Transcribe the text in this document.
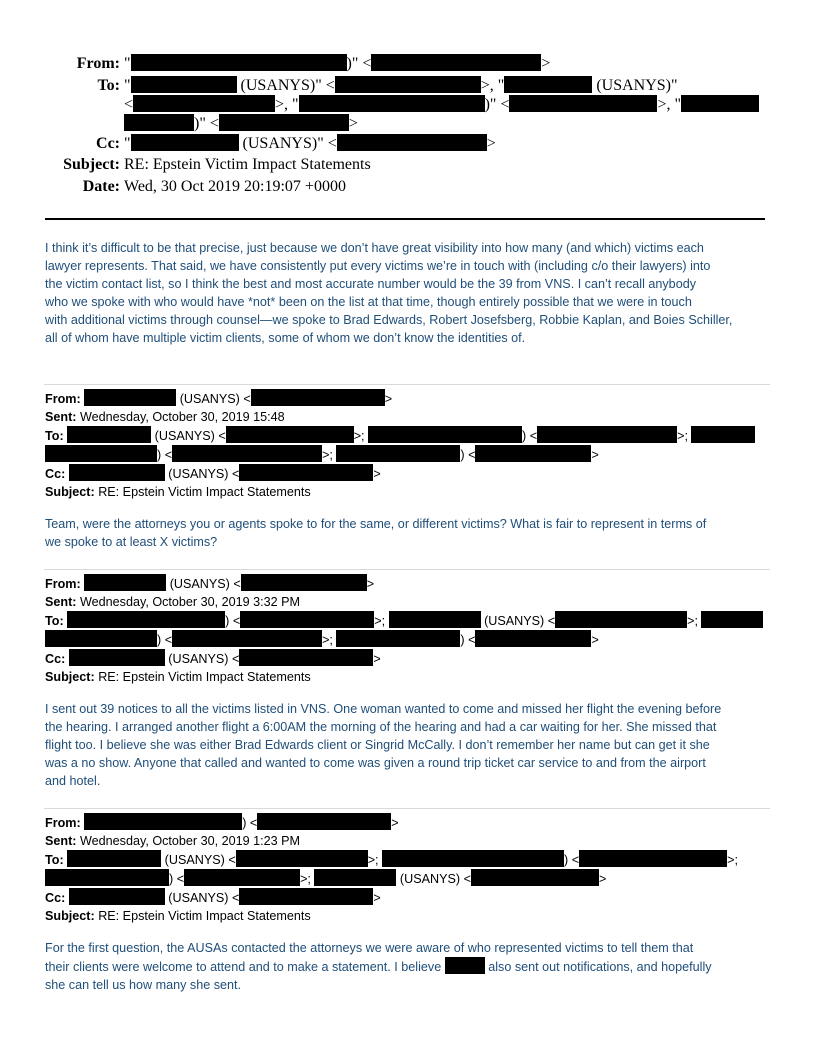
From: "	)" <	>
To: "	(USANYS)" <	>, "	(USANYS)"
<	>, "	)" <	>, "
)" <	>
Cc: "	(USANYS)" <	>
Subject: RE: Epstein Victim Impact Statements
Date: Wed, 30 Oct 2019 20:19:07 +0000
I think it’s difficult to be that precise, just because we don’t have great visibility into how many (and which) victims each
lawyer represents. That said, we have consistently put every victims we’re in touch with (including c/o their lawyers) into
the victim contact list, so I think the best and most accurate number would be the 39 from VNS. I can’t recall anybody
who we spoke with who would have *not* been on the list at that time, though entirely possible that we were in touch
with additional victims through counsel—we spoke to Brad Edwards, Robert Josefsberg, Robbie Kaplan, and Boies Schiller,
all of whom have multiple victim clients, some of whom we don’t know the identities of.
From:	(USANYS) <	>
Sent: Wednesday, October 30, 2019 15:48
To:	(USANYS) <	>;	) <	>;
) <	>;	) <	>
Cc:	(USANYS) <	>
Subject: RE: Epstein Victim Impact Statements
Team, were the attorneys you or agents spoke to for the same, or different victims? What is fair to represent in terms of
we spoke to at least X victims?
From:	(USANYS) <	>
Sent: Wednesday, October 30, 2019 3:32 PM
To:	) <	>;	(USANYS) <	>;
) <	>;	) <	>
Cc:	(USANYS) <	>
Subject: RE: Epstein Victim Impact Statements
I sent out 39 notices to all the victims listed in VNS. One woman wanted to come and missed her flight the evening before
the hearing. I arranged another flight a 6:00AM the morning of the hearing and had a car waiting for her. She missed that
flight too. I believe she was either Brad Edwards client or Singrid McCally. I don’t remember her name but can get it she
was a no show. Anyone that called and wanted to come was given a round trip ticket car service to and from the airport
and hotel.
From:	) <	>
Sent: Wednesday, October 30, 2019 1:23 PM
To:	(USANYS) <	>;	) <	>;
) <	>;	(USANYS) <	>
Cc:	(USANYS) <	>
Subject: RE: Epstein Victim Impact Statements
For the first question, the AUSAs contacted the attorneys we were aware of who represented victims to tell them that
their clients were welcome to attend and to make a statement. I believe	also sent out notifications, and hopefully
she can tell us how many she sent.
